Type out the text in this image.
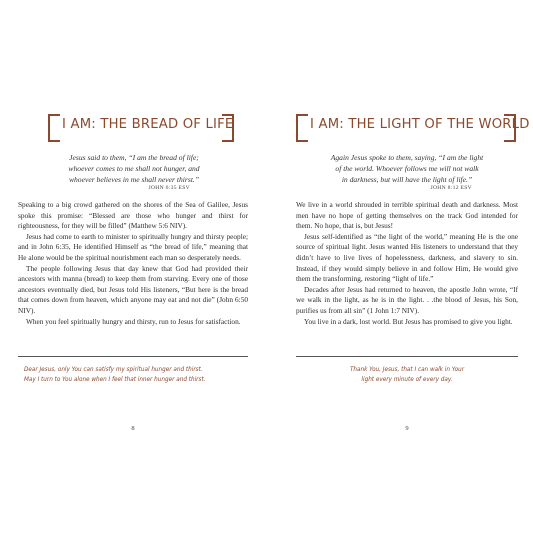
I AM: THE BREAD OF LIFE
Jesus said to them, “I am the bread of life;
whoever comes to me shall not hunger, and
whoever believes in me shall never thirst.”
JOHN 6:35 ESV

Speaking to a big crowd gathered on the shores of the Sea of Galilee, Jesus spoke this promise: “Blessed are those who hunger and thirst for righteousness, for they will be filled” (Matthew 5:6 NIV).

Jesus had come to earth to minister to spiritually hungry and thirsty people; and in John 6:35, He identified Himself as “the bread of life,” meaning that He alone would be the spiritual nourishment each man so desperately needs.

The people following Jesus that day knew that God had provided their ancestors with manna (bread) to keep them from starving. Every one of those ancestors eventually died, but Jesus told His listeners, “But here is the bread that comes down from heaven, which anyone may eat and not die” (John 6:50 NIV).

When you feel spiritually hungry and thirsty, run to Jesus for satisfaction.

Dear Jesus, only You can satisfy my spiritual hunger and thirst.
May I turn to You alone when I feel that inner hunger and thirst.
8
I AM: THE LIGHT OF THE WORLD
Again Jesus spoke to them, saying, “I am the light
of the world. Whoever follows me will not walk
in darkness, but will have the light of life.”
JOHN 8:12 ESV

We live in a world shrouded in terrible spiritual death and darkness. Most men have no hope of getting themselves on the track God intended for them. No hope, that is, but Jesus!

Jesus self-identified as “the light of the world,” meaning He is the one source of spiritual light. Jesus wanted His listeners to understand that they didn’t have to live lives of hopelessness, darkness, and slavery to sin. Instead, if they would simply believe in and follow Him, He would give them the transforming, restoring “light of life.”

Decades after Jesus had returned to heaven, the apostle John wrote, “If we walk in the light, as he is in the light. . .the blood of Jesus, his Son, purifies us from all sin” (1 John 1:7 NIV).

You live in a dark, lost world. But Jesus has promised to give you light.

Thank You, Jesus, that I can walk in Your
light every minute of every day.
9
